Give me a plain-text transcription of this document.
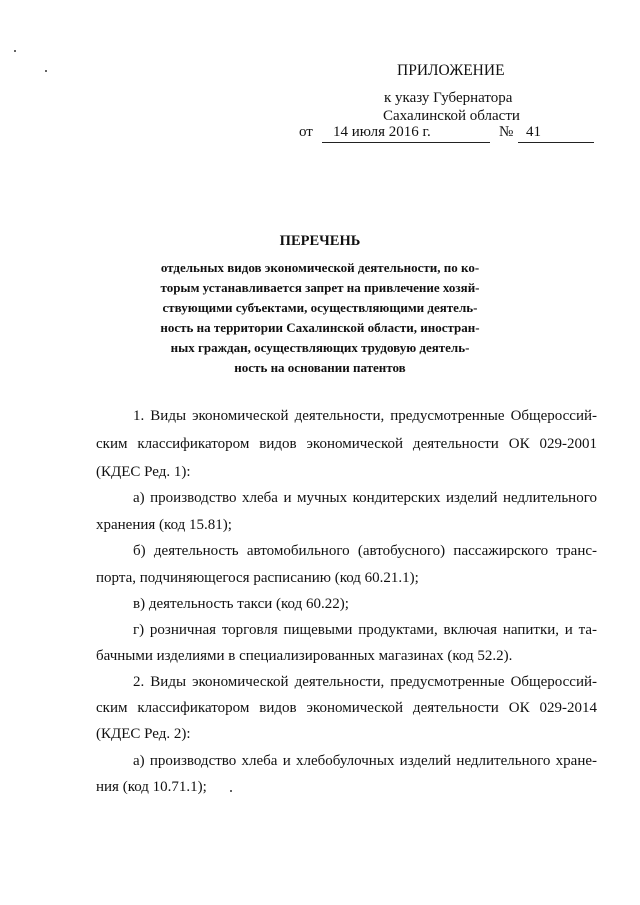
ПРИЛОЖЕНИЕ
к указу Губернатора
Сахалинской области
от 14 июля 2016 г.	№ 41
ПЕРЕЧЕНЬ
отдельных видов экономической деятельности, по ко-
торым устанавливается запрет на привлечение хозяй-
ствующими субъектами, осуществляющими деятель-
ность на территории Сахалинской области, иностран-
ных граждан, осуществляющих трудовую деятель-
ность на основании патентов
1. Виды экономической деятельности, предусмотренные Общероссий-
ским классификатором видов экономической деятельности ОК 029-2001
(КДЕС Ред. 1):
а) производство хлеба и мучных кондитерских изделий недлительного
хранения (код 15.81);
б) деятельность автомобильного (автобусного) пассажирского транс-
порта, подчиняющегося расписанию (код 60.21.1);
в) деятельность такси (код 60.22);
г) розничная торговля пищевыми продуктами, включая напитки, и та-
бачными изделиями в специализированных магазинах (код 52.2).
2. Виды экономической деятельности, предусмотренные Общероссий-
ским классификатором видов экономической деятельности ОК 029-2014
(КДЕС Ред. 2):
а) производство хлеба и хлебобулочных изделий недлительного хране-
ния (код 10.71.1);
